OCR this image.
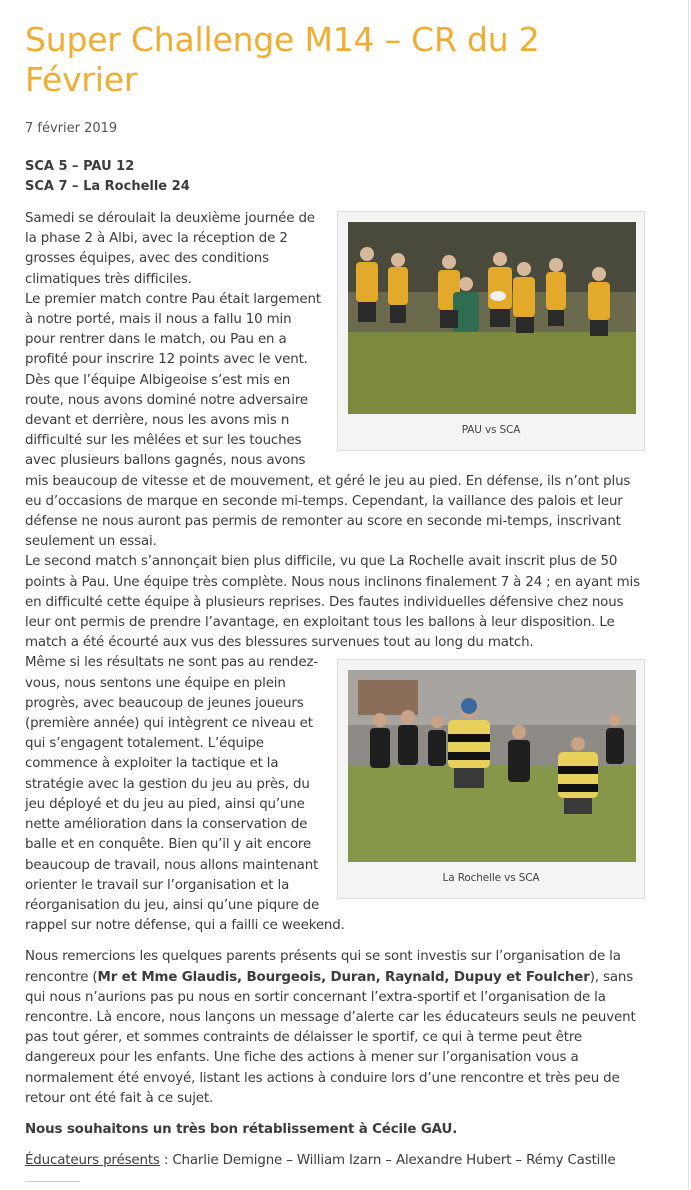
Super Challenge M14 – CR du 2 Février
7 février 2019
SCA 5 – PAU 12
SCA 7 – La Rochelle 24
PAU vs SCA

Samedi se déroulait la deuxième journée de la phase 2 à Albi, avec la réception de 2 grosses équipes, avec des conditions climatiques très difficiles.

Le premier match contre Pau était largement à notre porté, mais il nous a fallu 10 min pour rentrer dans le match, ou Pau en a profité pour inscrire 12 points avec le vent. Dès que l’équipe Albigeoise s’est mis en route, nous avons dominé notre adversaire devant et derrière, nous les avons mis n difficulté sur les mêlées et sur les touches avec plusieurs ballons gagnés, nous avons mis beaucoup de vitesse et de mouvement, et géré le jeu au pied. En défense, ils n’ont plus eu d’occasions de marque en seconde mi-temps. Cependant, la vaillance des palois et leur défense ne nous auront pas permis de remonter au score en seconde mi-temps, inscrivant seulement un essai.

Le second match s’annonçait bien plus difficile, vu que La Rochelle avait inscrit plus de 50 points à Pau. Une équipe très complète. Nous nous inclinons finalement 7 à 24 ; en ayant mis en difficulté cette équipe à plusieurs reprises. Des fautes individuelles défensive chez nous leur ont permis de prendre l’avantage, en exploitant tous les ballons à leur disposition. Le match a été écourté aux vus des blessures survenues tout au long du match.

La Rochelle vs SCA

Même si les résultats ne sont pas au rendez-vous, nous sentons une équipe en plein progrès, avec beaucoup de jeunes joueurs (première année) qui intègrent ce niveau et qui s’engagent totalement. L’équipe commence à exploiter la tactique et la stratégie avec la gestion du jeu au près, du jeu déployé et du jeu au pied, ainsi qu’une nette amélioration dans la conservation de balle et en conquête. Bien qu’il y ait encore beaucoup de travail, nous allons maintenant orienter le travail sur l’organisation et la réorganisation du jeu, ainsi qu’une piqure de rappel sur notre défense, qui a failli ce weekend.

Nous remercions les quelques parents présents qui se sont investis sur l’organisation de la rencontre (Mr et Mme Glaudis, Bourgeois, Duran, Raynald, Dupuy et Foulcher), sans qui nous n’aurions pas pu nous en sortir concernant l’extra-sportif et l’organisation de la rencontre. Là encore, nous lançons un message d’alerte car les éducateurs seuls ne peuvent pas tout gérer, et sommes contraints de délaisser le sportif, ce qui à terme peut être dangereux pour les enfants. Une fiche des actions à mener sur l’organisation vous a normalement été envoyé, listant les actions à conduire lors d’une rencontre et très peu de retour ont été fait à ce sujet.

Nous souhaitons un très bon rétablissement à Cécile GAU.

Éducateurs présents : Charlie Demigne – William Izarn – Alexandre Hubert – Rémy Castille
